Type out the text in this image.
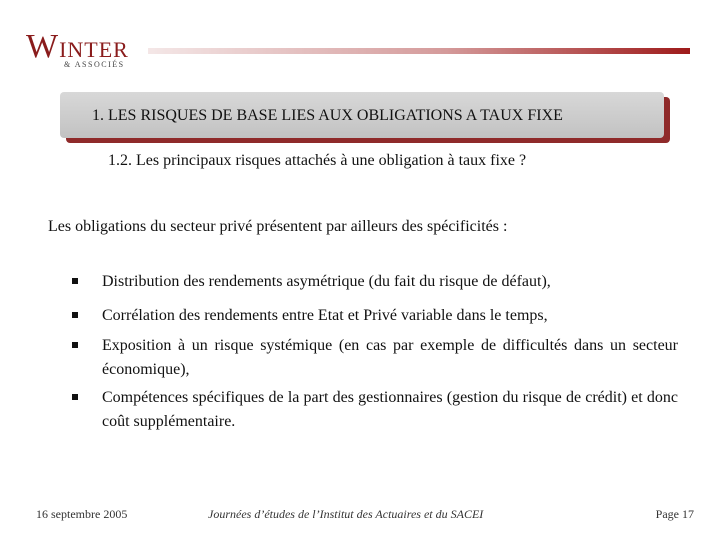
WINTER
& ASSOCIÉS
1. LES RISQUES DE BASE LIES AUX OBLIGATIONS A TAUX FIXE
1.2. Les principaux risques attachés à une obligation à taux fixe ?
Les obligations du secteur privé présentent par ailleurs des spécificités :
Distribution des rendements asymétrique (du fait du risque de défaut),
Corrélation des rendements entre Etat et Privé variable dans le temps,
Exposition à un risque systémique (en cas par exemple de difficultés dans un secteur économique),
Compétences spécifiques de la part des gestionnaires (gestion du risque de crédit) et donc coût supplémentaire.
16 septembre 2005	Journées d’études de l’Institut des Actuaires et du SACEI	Page 17
